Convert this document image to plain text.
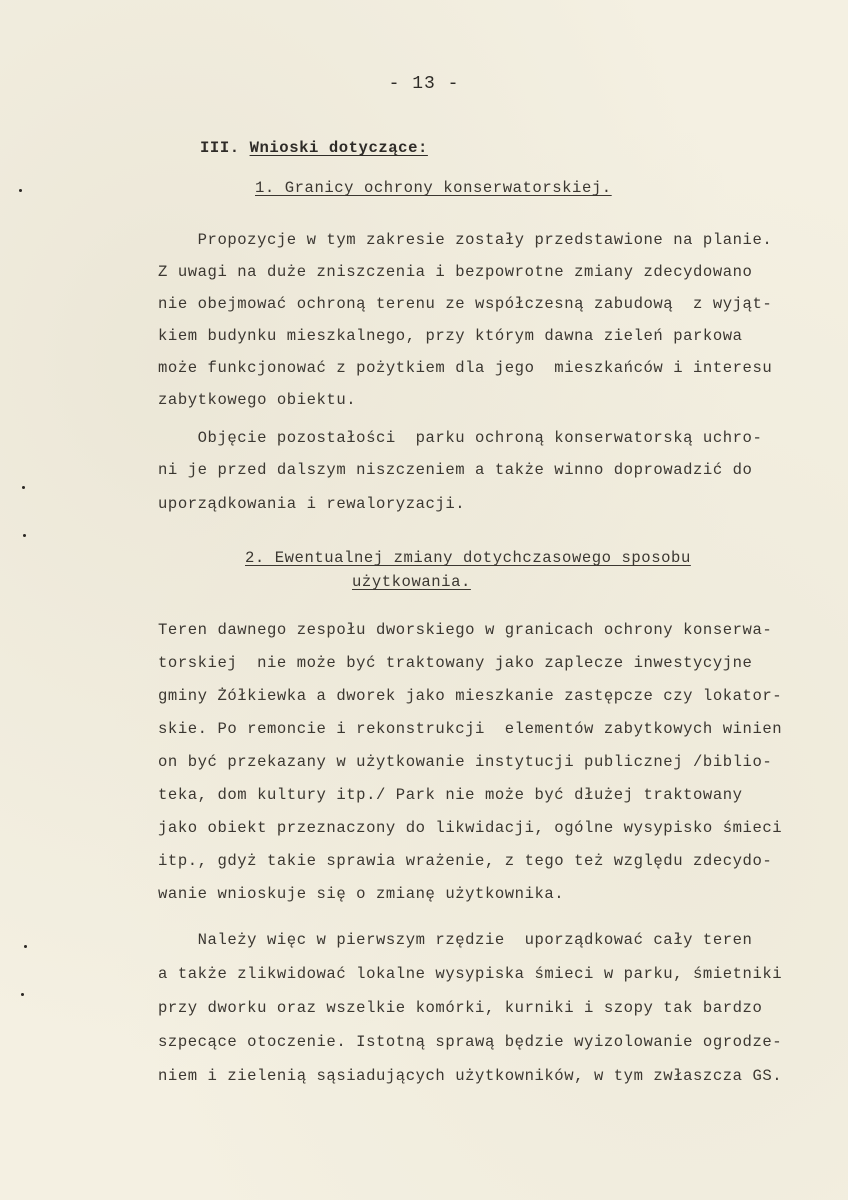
- 13 -
III. Wnioski dotyczące:
1. Granicy ochrony konserwatorskiej.
Propozycje w tym zakresie zostały przedstawione na planie.
Z uwagi na duże zniszczenia i bezpowrotne zmiany zdecydowano
nie obejmować ochroną terenu ze współczesną zabudową  z wyjąt-
kiem budynku mieszkalnego, przy którym dawna zieleń parkowa
może funkcjonować z pożytkiem dla jego  mieszkańców i interesu
zabytkowego obiektu.
Objęcie pozostałości  parku ochroną konserwatorską uchro-
ni je przed dalszym niszczeniem a także winno doprowadzić do
uporządkowania i rewaloryzacji.
2. Ewentualnej zmiany dotychczasowego sposobu
użytkowania.
Teren dawnego zespołu dworskiego w granicach ochrony konserwa-
torskiej  nie może być traktowany jako zaplecze inwestycyjne
gminy Żółkiewka a dworek jako mieszkanie zastępcze czy lokator-
skie. Po remoncie i rekonstrukcji  elementów zabytkowych winien
on być przekazany w użytkowanie instytucji publicznej /biblio-
teka, dom kultury itp./ Park nie może być dłużej traktowany
jako obiekt przeznaczony do likwidacji, ogólne wysypisko śmieci
itp., gdyż takie sprawia wrażenie, z tego też względu zdecydo-
wanie wnioskuje się o zmianę użytkownika.
Należy więc w pierwszym rzędzie  uporządkować cały teren
a także zlikwidować lokalne wysypiska śmieci w parku, śmietniki
przy dworku oraz wszelkie komórki, kurniki i szopy tak bardzo
szpecące otoczenie. Istotną sprawą będzie wyizolowanie ogrodze-
niem i zielenią sąsiadujących użytkowników, w tym zwłaszcza GS.
